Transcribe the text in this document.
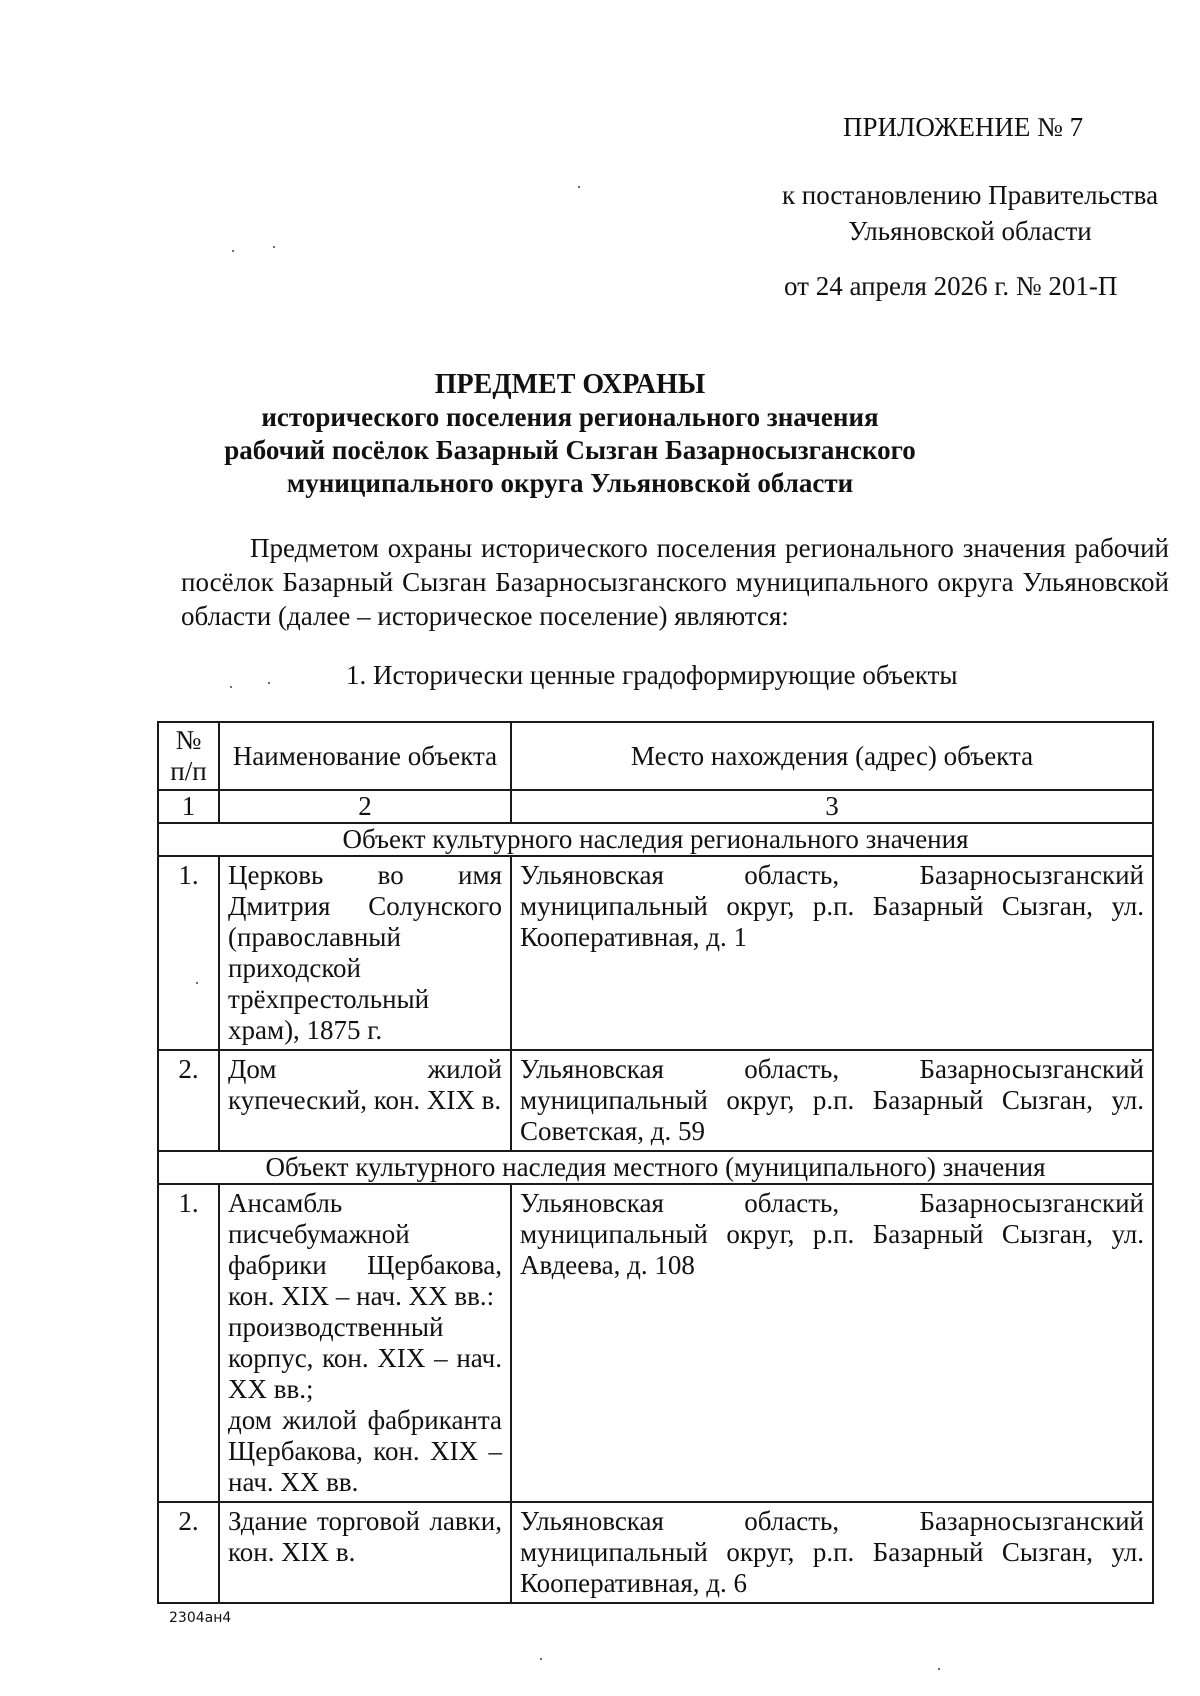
ПРИЛОЖЕНИЕ № 7
к постановлению Правительства
Ульяновской области
от 24 апреля 2026 г. № 201-П
ПРЕДМЕТ ОХРАНЫ
исторического поселения регионального значения
рабочий посёлок Базарный Сызган Базарносызганского
муниципального округа Ульяновской области

Предметом охраны исторического поселения регионального значения рабочий посёлок Базарный Сызган Базарносызганского муниципального округа Ульяновской области (далее – историческое поселение) являются:

1. Исторически ценные градоформирующие объекты
№ п/п	Наименование объекта	Место нахождения (адрес) объекта
1	2	3
Объект культурного наследия регионального значения		
1.	Церковь во имя Дмитрия Солунского (православный приходской трёхпрестольный храм), 1875 г.	Ульяновская область, Базарносызганский муниципальный округ, р.п. Базарный Сызган, ул. Кооперативная, д. 1
2.	Дом жилой купеческий, кон. XIX в.	Ульяновская область, Базарносызганский муниципальный округ, р.п. Базарный Сызган, ул. Советская, д. 59
Объект культурного наследия местного (муниципального) значения		
1.	Ансамбль писчебумажной фабрики Щербакова, кон. XIX – нач. XX вв.:
производственный корпус, кон. XIX – нач. XX вв.;
дом жилой фабриканта Щербакова, кон. XIX – нач. XX вв.	Ульяновская область, Базарносызганский муниципальный округ, р.п. Базарный Сызган, ул. Авдеева, д. 108
2.	Здание торговой лавки, кон. XIX в.	Ульяновская область, Базарносызганский муниципальный округ, р.п. Базарный Сызган, ул. Кооперативная, д. 6
2304ан4
